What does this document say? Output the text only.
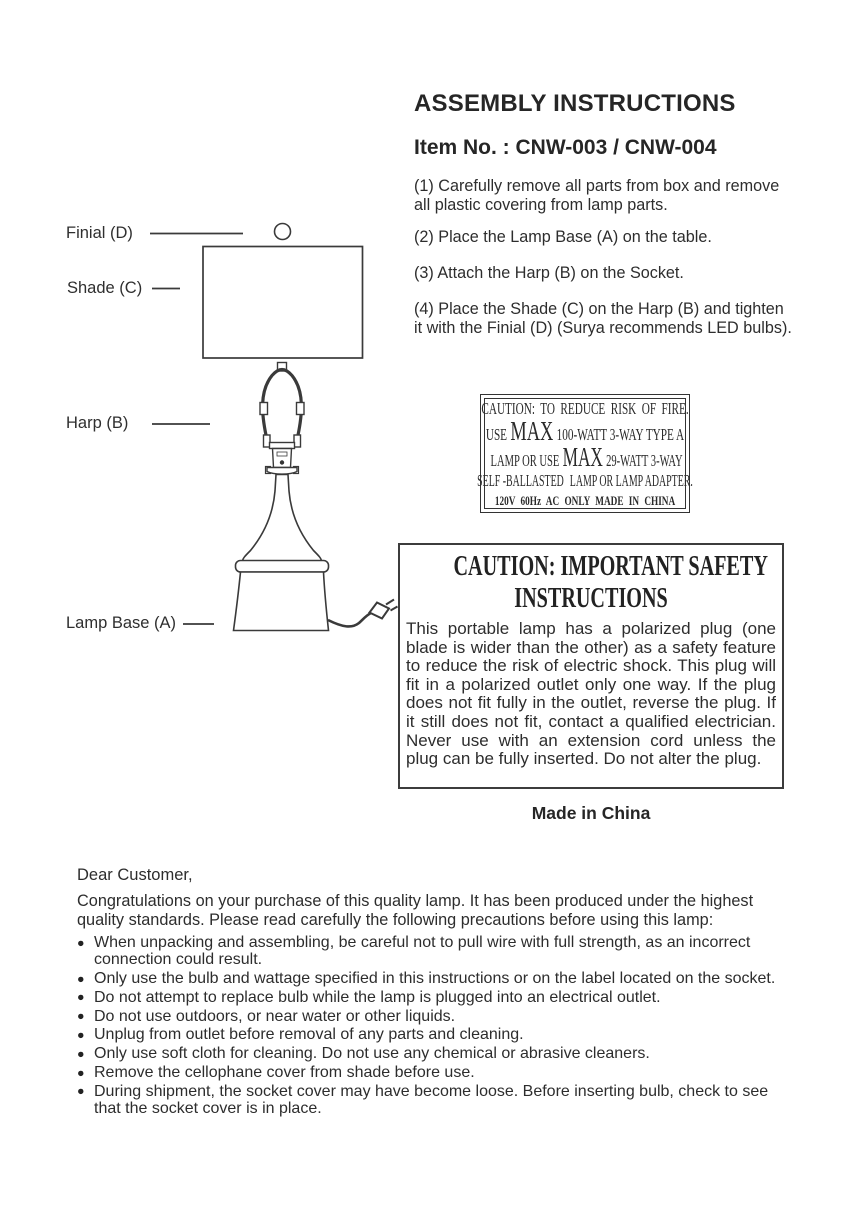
Finial (D)
Shade (C)
Harp (B)
Lamp Base (A)
ASSEMBLY INSTRUCTIONS
Item No. : CNW-003 / CNW-004

(1) Carefully remove all parts from box and remove all plastic covering from lamp parts.

(2) Place the Lamp Base (A) on the table.

(3) Attach the Harp (B) on the Socket.

(4) Place the Shade (C) on the Harp (B) and tighten it with the Finial (D) (Surya recommends LED bulbs).

CAUTION: TO REDUCE RISK OF FIRE.
USE MAX 100-WATT 3-WAY TYPE A
LAMP OR USE MAX 29-WATT 3-WAY
SELF -BALLASTED LAMP OR LAMP ADAPTER.
120V 60Hz AC ONLY MADE IN CHINA
CAUTION: IMPORTANT SAFETY
INSTRUCTIONS

This portable lamp has a polarized plug (one blade is wider than the other) as a safety feature to reduce the risk of electric shock. This plug will fit in a polarized outlet only one way. If the plug does not fit fully in the outlet, reverse the plug. If it still does not fit, contact a qualified electrician. Never use with an extension cord unless the plug can be fully inserted. Do not alter the plug.

Made in China
Dear Customer,

Congratulations on your purchase of this quality lamp. It has been produced under the highest quality standards. Please read carefully the following precautions before using this lamp:

● When unpacking and assembling, be careful not to pull wire with full strength, as an incorrect connection could result.
● Only use the bulb and wattage specified in this instructions or on the label located on the socket.
● Do not attempt to replace bulb while the lamp is plugged into an electrical outlet.
● Do not use outdoors, or near water or other liquids.
● Unplug from outlet before removal of any parts and cleaning.
● Only use soft cloth for cleaning. Do not use any chemical or abrasive cleaners.
● Remove the cellophane cover from shade before use.
● During shipment, the socket cover may have become loose. Before inserting bulb, check to see that the socket cover is in place.
